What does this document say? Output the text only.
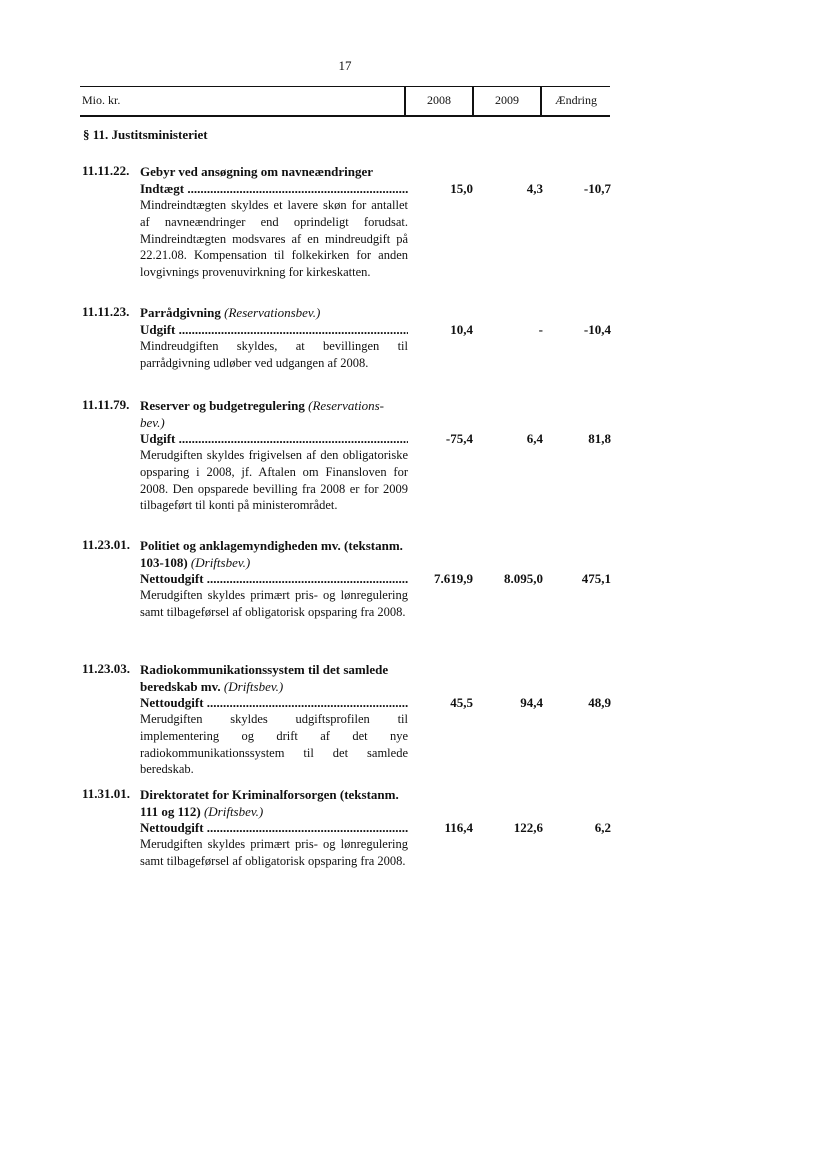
17
Mio. kr.	2008	2009	Ændring
§ 11. Justitsministeriet
11.11.22. Gebyr ved ansøgning om navneændringer
Indtægt .....	15,0	4,3	-10,7
Mindreindtægten skyldes et lavere skøn for antallet af navneændringer end oprindeligt forudsat. Mindreindtægten modsvares af en mindreudgift på 22.21.08. Kompensation til folkekirken for anden lovgivnings provenuvirkning for kirkeskatten.
11.11.23. Parrådgivning (Reservationsbev.)
Udgift .....	10,4	-	-10,4
Mindreudgiften skyldes, at bevillingen til parrådgivning udløber ved udgangen af 2008.
11.11.79. Reserver og budgetregulering (Reservations-bev.)
Udgift .....	-75,4	6,4	81,8
Merudgiften skyldes frigivelsen af den obligatoriske opsparing i 2008, jf. Aftalen om Finansloven for 2008. Den opsparede bevilling fra 2008 er for 2009 tilbageført til konti på ministerområdet.
11.23.01. Politiet og anklagemyndigheden mv. (tekstanm. 103-108) (Driftsbev.)
Nettoudgift .....	7.619,9	8.095,0	475,1
Merudgiften skyldes primært pris- og lønregulering samt tilbageførsel af obligatorisk opsparing fra 2008.
11.23.03. Radiokommunikationssystem til det samlede beredskab mv. (Driftsbev.)
Nettoudgift .....	45,5	94,4	48,9
Merudgiften skyldes udgiftsprofilen til implementering og drift af det nye radiokommunikationssystem til det samlede beredskab.
11.31.01. Direktoratet for Kriminalforsorgen (tekstanm. 111 og 112) (Driftsbev.)
Nettoudgift .....	116,4	122,6	6,2
Merudgiften skyldes primært pris- og lønregulering samt tilbageførsel af obligatorisk opsparing fra 2008.
